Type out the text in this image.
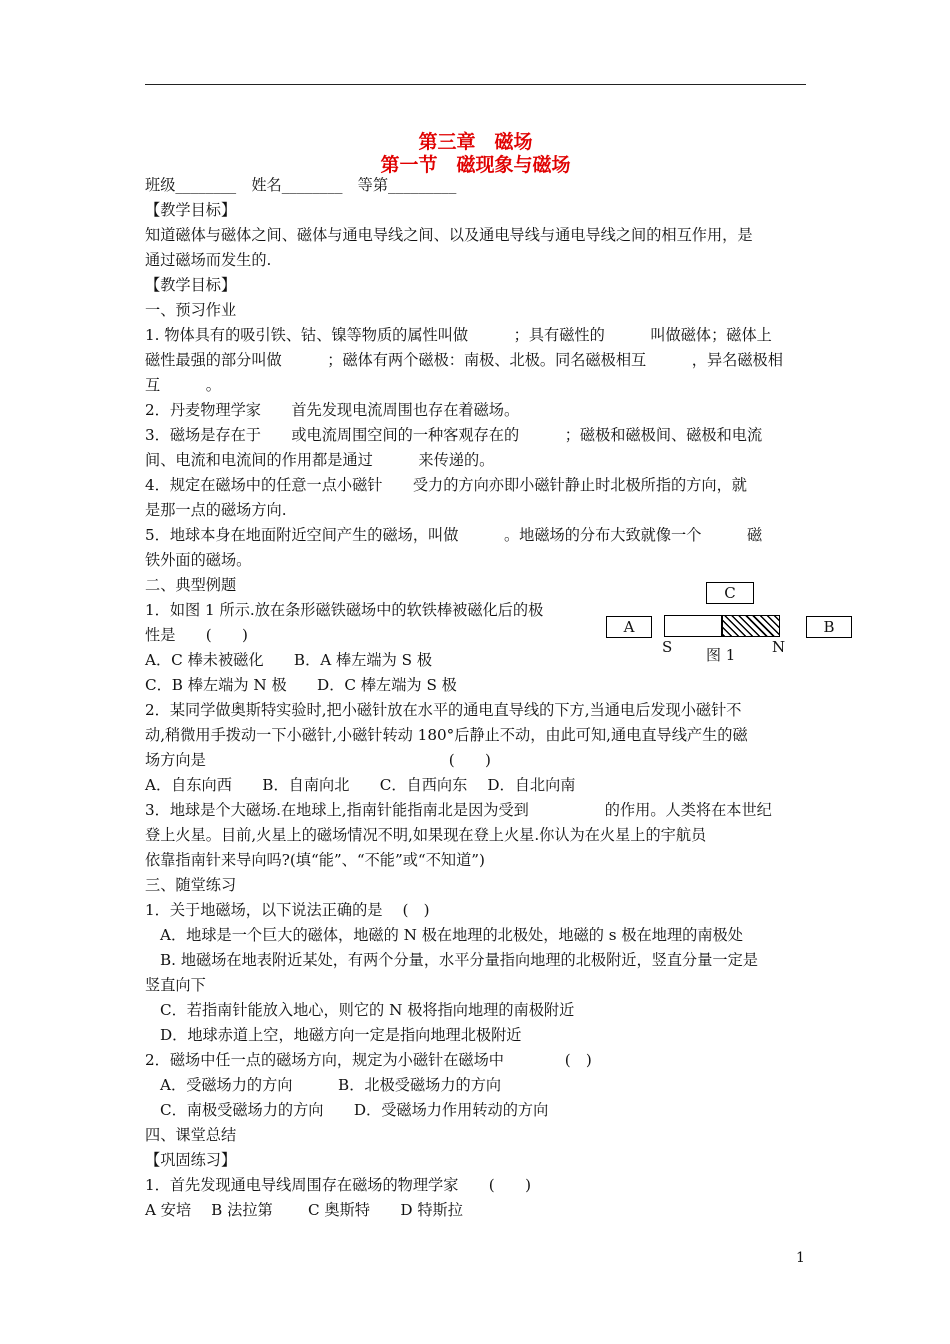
第三章　磁场
第一节　磁现象与磁场
班级________　姓名________　等第_________
【教学目标】
知道磁体与磁体之间、磁体与通电导线之间、以及通电导线与通电导线之间的相互作用，是
通过磁场而发生的.
【教学目标】
一、预习作业
1. 物体具有的吸引铁、钴、镍等物质的属性叫做　　　；具有磁性的　　　叫做磁体；磁体上
磁性最强的部分叫做　　　；磁体有两个磁极：南极、北极。同名磁极相互　　　，异名磁极相
互　　　。
2．丹麦物理学家　　首先发现电流周围也存在着磁场。
3．磁场是存在于　　或电流周围空间的一种客观存在的　　　；磁极和磁极间、磁极和电流
间、电流和电流间的作用都是通过　　　来传递的。
4．规定在磁场中的任意一点小磁针　　受力的方向亦即小磁针静止时北极所指的方向，就
是那一点的磁场方向.
5．地球本身在地面附近空间产生的磁场，叫做　　　。地磁场的分布大致就像一个　　　磁
铁外面的磁场。
二、典型例题
1．如图 1 所示.放在条形磁铁磁场中的软铁棒被磁化后的极
性是　　(　　)
A．C 棒未被磁化　　B．A 棒左端为 S 极
C．B 棒左端为 N 极　　D．C 棒左端为 S 极
2．某同学做奥斯特实验时,把小磁针放在水平的通电直导线的下方,当通电后发现小磁针不
动,稍微用手拨动一下小磁针,小磁针转动 180°后静止不动，由此可知,通电直导线产生的磁
场方向是　　　　　　　　　　　　　　　　(　　)
A．自东向西　　B．自南向北　　C．自西向东　 D．自北向南
3．地球是个大磁场.在地球上,指南针能指南北是因为受到　　　　　的作用。人类将在本世纪
登上火星。目前,火星上的磁场情况不明,如果现在登上火星.你认为在火星上的宇航员
依靠指南针来导向吗?(填“能”、“不能”或“不知道”)
三、随堂练习
1．关于地磁场，以下说法正确的是　 (　)
A．地球是一个巨大的磁体，地磁的 N 极在地理的北极处，地磁的 s 极在地理的南极处
B. 地磁场在地表附近某处，有两个分量，水平分量指向地理的北极附近，竖直分量一定是
竖直向下
C．若指南针能放入地心，则它的 N 极将指向地理的南极附近
D．地球赤道上空，地磁方向一定是指向地理北极附近
2．磁场中任一点的磁场方向，规定为小磁针在磁场中　　　　(　)
A．受磁场力的方向　　　B．北极受磁场力的方向
C．南极受磁场力的方向　　D．受磁场力作用转动的方向
四、课堂总结
【巩固练习】
1．首先发现通电导线周围存在磁场的物理学家　　(　　)
A 安培　 B 法拉第　　 C 奥斯特　　D 特斯拉
C
A	B
S	N
图 1
1
